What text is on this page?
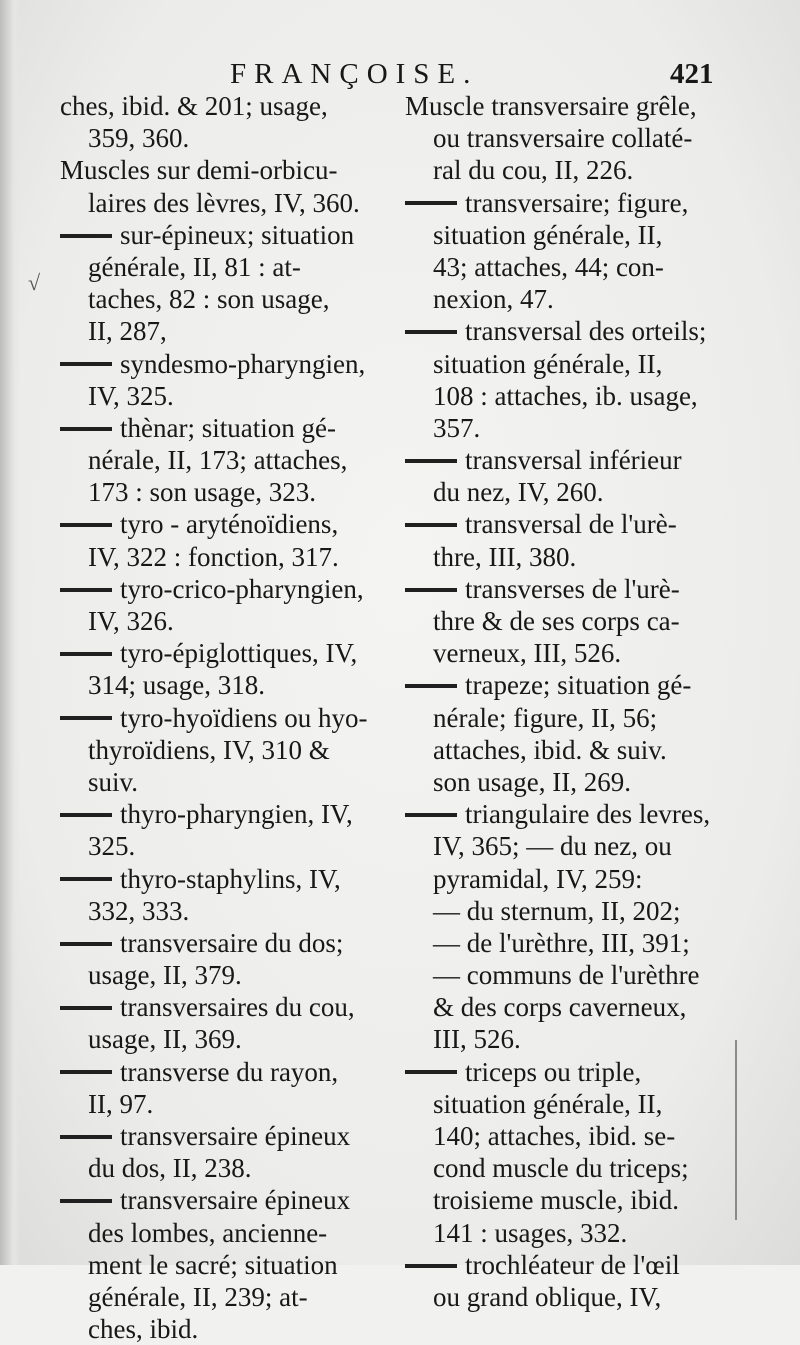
FRANÇOISE.	421
√
ches, ibid. & 201; usage,
359, 360.
Muscles sur demi-orbicu-
laires des lèvres, IV, 360.
sur-épineux; situation
générale, II, 81 : at-
taches, 82 : son usage,
II, 287,
syndesmo-pharyngien,
IV, 325.
thènar; situation gé-
nérale, II, 173; attaches,
173 : son usage, 323.
tyro - aryténoïdiens,
IV, 322 : fonction, 317.
tyro-crico-pharyngien,
IV, 326.
tyro-épiglottiques, IV,
314; usage, 318.
tyro-hyoïdiens ou hyo-
thyroïdiens, IV, 310 &
suiv.
thyro-pharyngien, IV,
325.
thyro-staphylins, IV,
332, 333.
transversaire du dos;
usage, II, 379.
transversaires du cou,
usage, II, 369.
transverse du rayon,
II, 97.
transversaire épineux
du dos, II, 238.
transversaire épineux
des lombes, ancienne-
ment le sacré; situation
générale, II, 239; at-
ches, ibid.
Muscle transversaire grêle,
ou transversaire collaté-
ral du cou, II, 226.
transversaire; figure,
situation générale, II,
43; attaches, 44; con-
nexion, 47.
transversal des orteils;
situation générale, II,
108 : attaches, ib. usage,
357.
transversal inférieur
du nez, IV, 260.
transversal de l'urè-
thre, III, 380.
transverses de l'urè-
thre & de ses corps ca-
verneux, III, 526.
trapeze; situation gé-
nérale; figure, II, 56;
attaches, ibid. & suiv.
son usage, II, 269.
triangulaire des levres,
IV, 365; — du nez, ou
pyramidal, IV, 259:
— du sternum, II, 202;
— de l'urèthre, III, 391;
— communs de l'urèthre
& des corps caverneux,
III, 526.
triceps ou triple,
situation générale, II,
140; attaches, ibid. se-
cond muscle du triceps;
troisieme muscle, ibid.
141 : usages, 332.
trochléateur de l'œil
ou grand oblique, IV,
